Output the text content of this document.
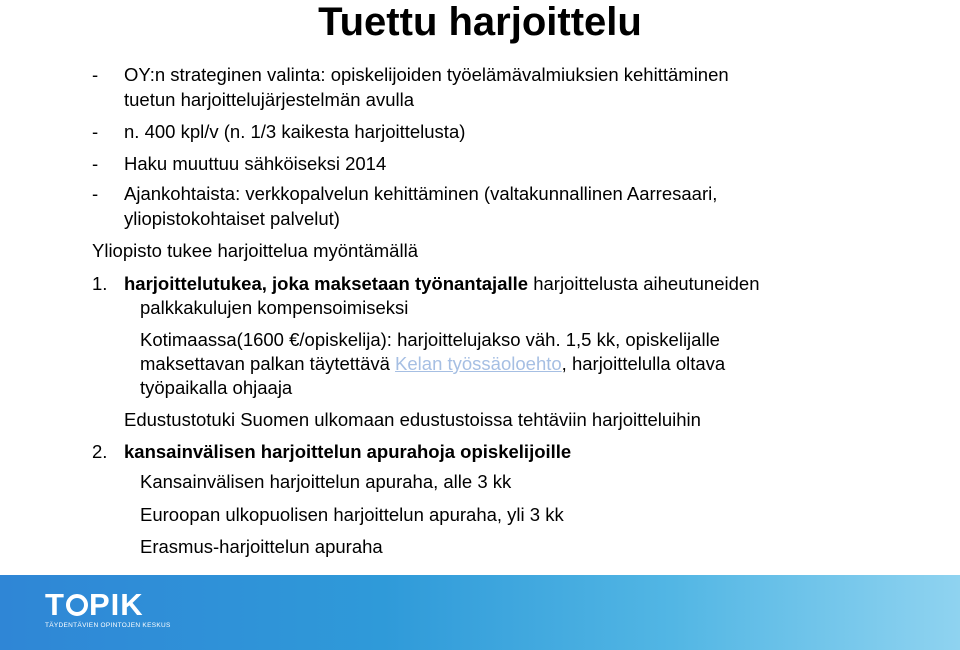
Tuettu harjoittelu
- OY:n strateginen valinta: opiskelijoiden työelämävalmiuksien kehittäminen
tuetun harjoittelujärjestelmän avulla
- n. 400 kpl/v (n. 1/3 kaikesta harjoittelusta)
- Haku muuttuu sähköiseksi 2014
- Ajankohtaista: verkkopalvelun kehittäminen (valtakunnallinen Aarresaari,
yliopistokohtaiset palvelut)
Yliopisto tukee harjoittelua myöntämällä
1. harjoittelutukea, joka maksetaan työnantajalle harjoittelusta aiheutuneiden
palkkakulujen kompensoimiseksi
Kotimaassa(1600 €/opiskelija): harjoittelujakso väh. 1,5 kk, opiskelijalle
maksettavan palkan täytettävä Kelan työssäoloehto, harjoittelulla oltava
työpaikalla ohjaaja
Edustustotuki Suomen ulkomaan edustustoissa tehtäviin harjoitteluihin
2. kansainvälisen harjoittelun apurahoja opiskelijoille
Kansainvälisen harjoittelun apuraha, alle 3 kk
Euroopan ulkopuolisen harjoittelun apuraha, yli 3 kk
Erasmus-harjoittelun apuraha
T PIK
TÄYDENTÄVIEN OPINTOJEN KESKUS
